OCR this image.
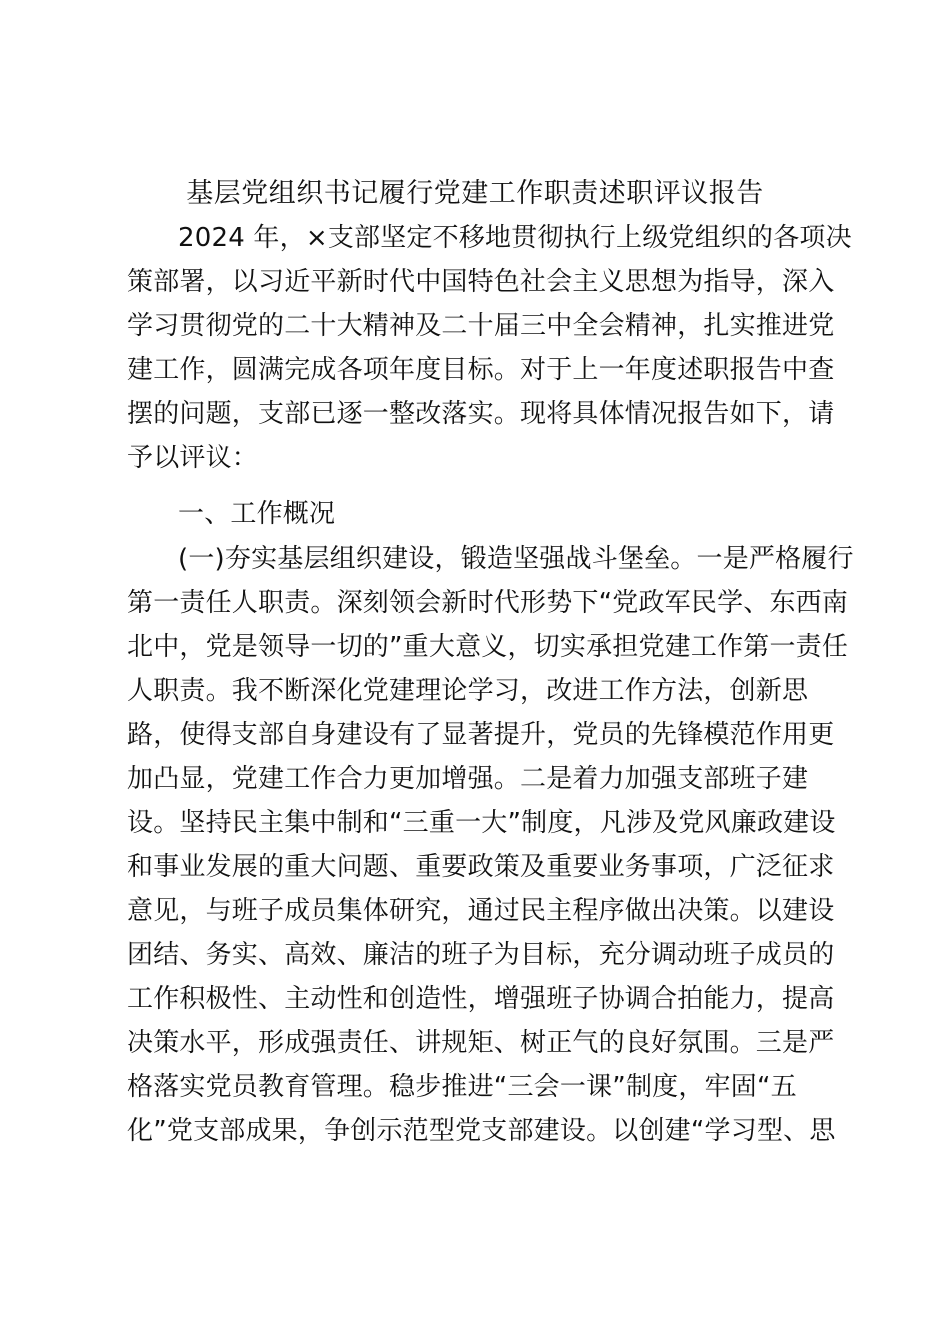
基层党组织书记履行党建工作职责述职评议报告
2024 年，×支部坚定不移地贯彻执行上级党组织的各项决
策部署，以习近平新时代中国特色社会主义思想为指导，深入
学习贯彻党的二十大精神及二十届三中全会精神，扎实推进党
建工作，圆满完成各项年度目标。对于上一年度述职报告中查
摆的问题，支部已逐一整改落实。现将具体情况报告如下，请
予以评议：
一、工作概况
(一)夯实基层组织建设，锻造坚强战斗堡垒。一是严格履行
第一责任人职责。深刻领会新时代形势下“党政军民学、东西南
北中，党是领导一切的”重大意义，切实承担党建工作第一责任
人职责。我不断深化党建理论学习，改进工作方法，创新思
路，使得支部自身建设有了显著提升，党员的先锋模范作用更
加凸显，党建工作合力更加增强。二是着力加强支部班子建
设。坚持民主集中制和“三重一大”制度，凡涉及党风廉政建设
和事业发展的重大问题、重要政策及重要业务事项，广泛征求
意见，与班子成员集体研究，通过民主程序做出决策。以建设
团结、务实、高效、廉洁的班子为目标，充分调动班子成员的
工作积极性、主动性和创造性，增强班子协调合拍能力，提高
决策水平，形成强责任、讲规矩、树正气的良好氛围。三是严
格落实党员教育管理。稳步推进“三会一课”制度，牢固“五
化”党支部成果，争创示范型党支部建设。以创建“学习型、思
